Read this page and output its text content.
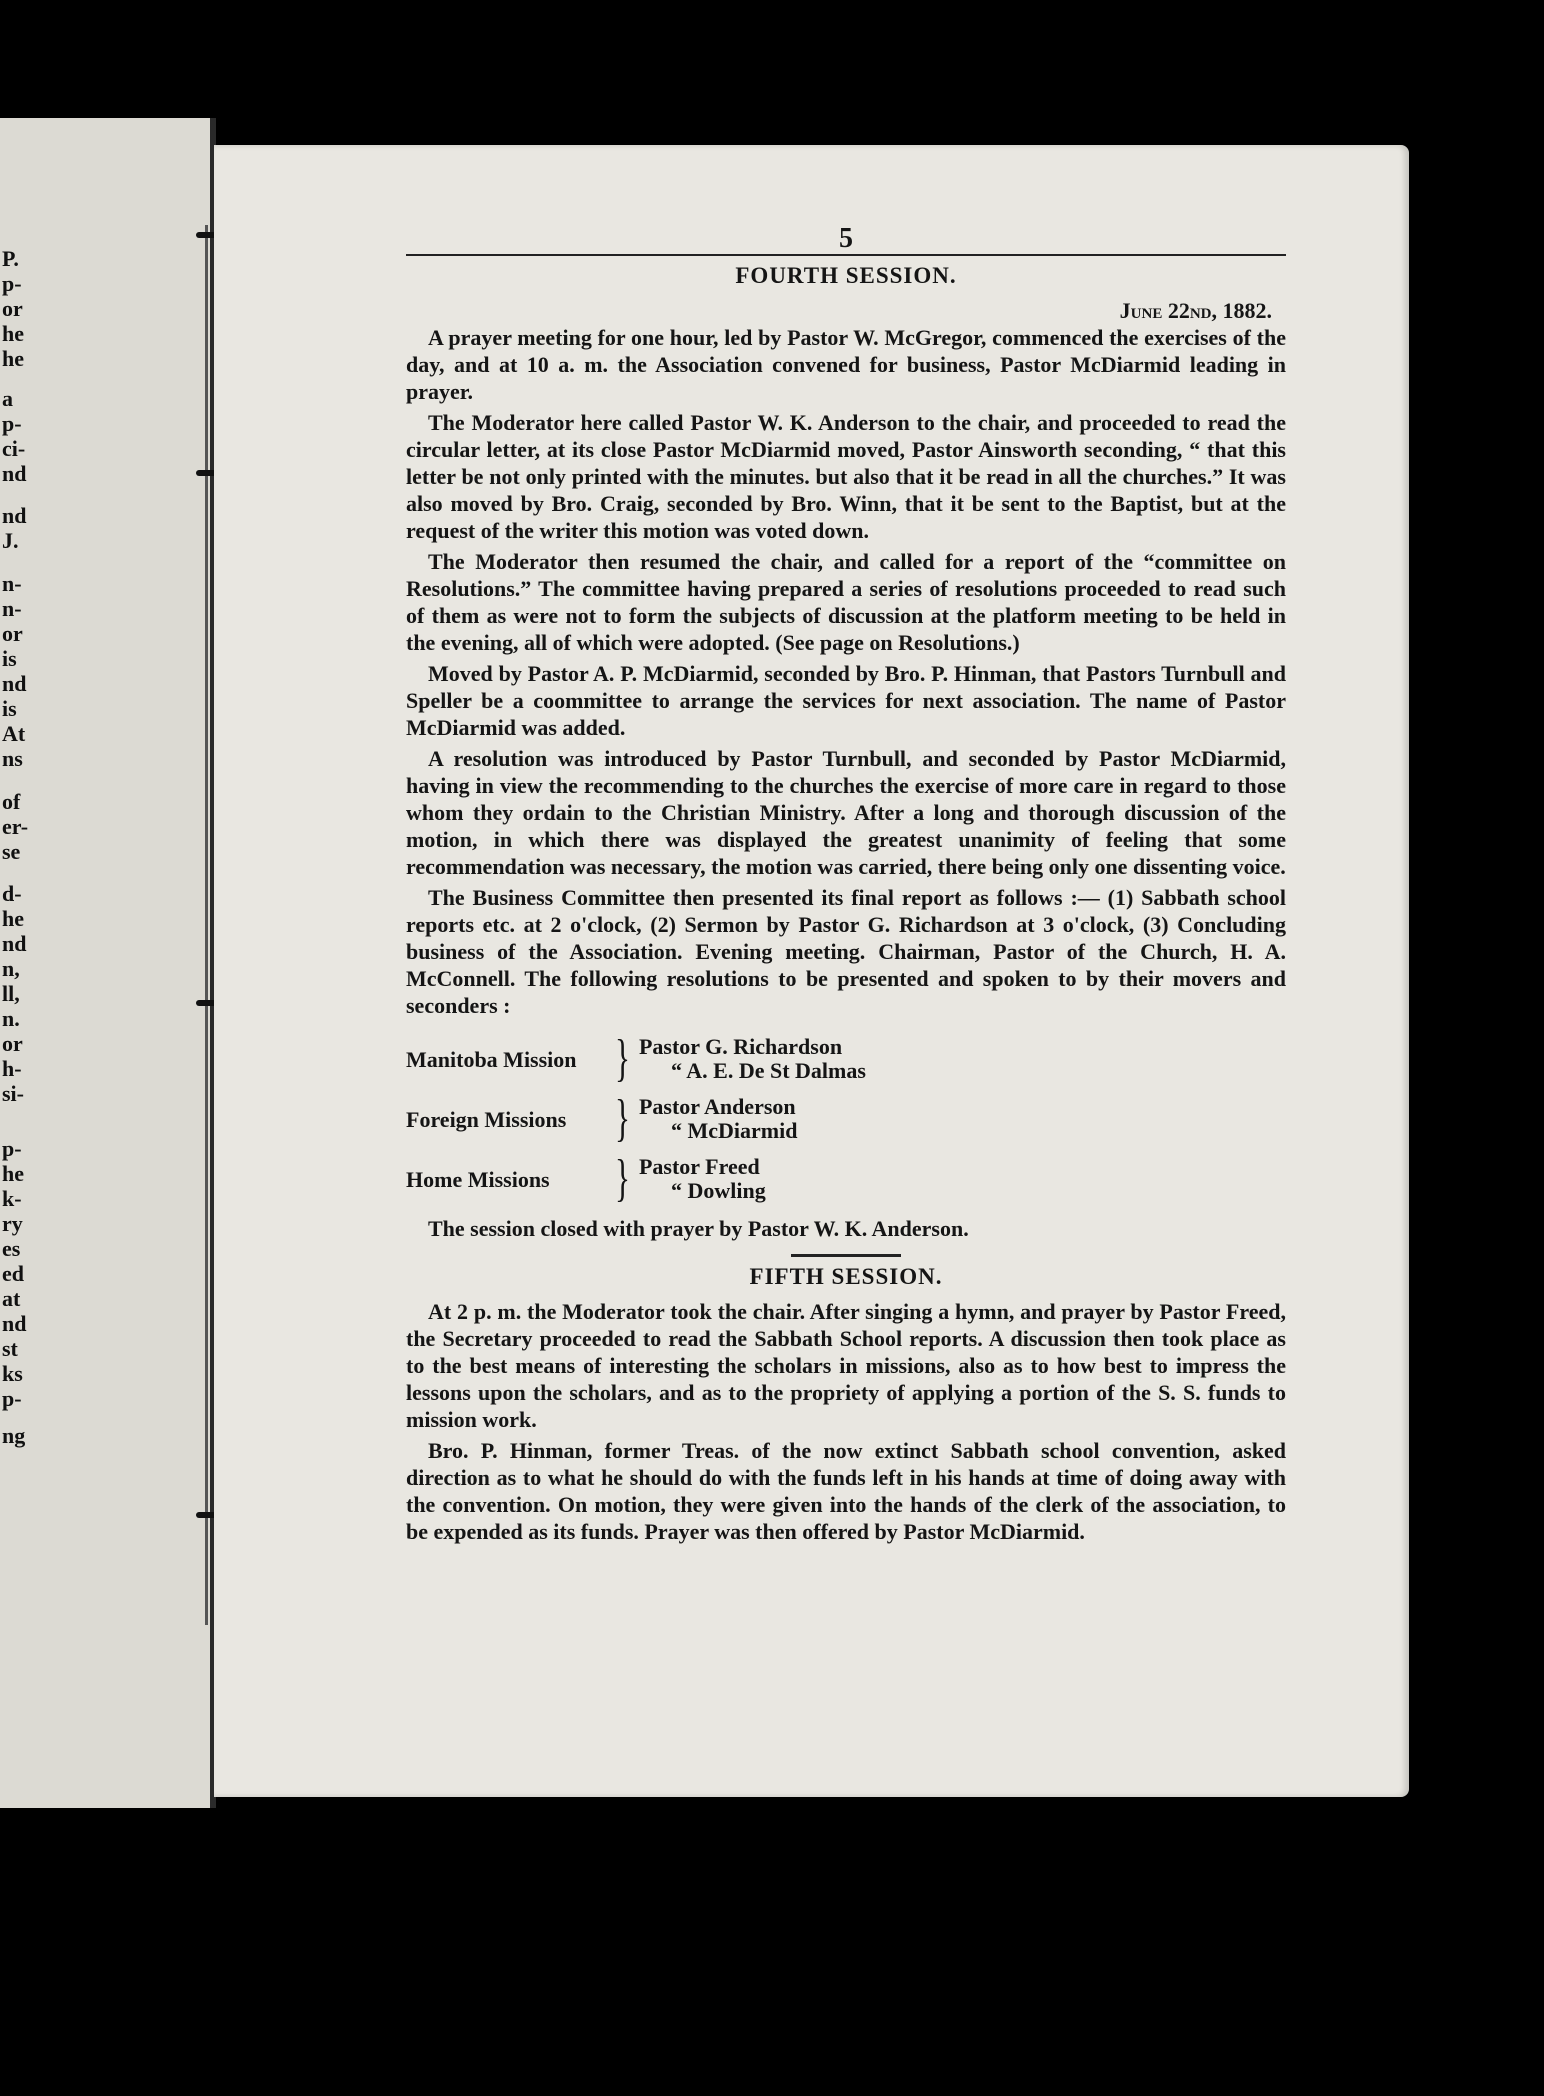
P.
p-
or
he
he
a
p-
ci-
nd
nd
J.
n-
n-
or
is
nd
is
At
ns
of
er-
se
d-
he
nd
n,
ll,
n.
or
h-
si-
p-
he
k-
ry
es
ed
at
nd
st
ks
p-
ng
5
FOURTH SESSION.
June 22nd, 1882.

A prayer meeting for one hour, led by Pastor W. McGregor, commenced the exercises of the day, and at 10 a. m. the Association convened for business, Pastor McDiarmid leading in prayer.

The Moderator here called Pastor W. K. Anderson to the chair, and proceeded to read the circular letter, at its close Pastor McDiarmid moved, Pastor Ainsworth seconding, “ that this letter be not only printed with the minutes. but also that it be read in all the churches.” It was also moved by Bro. Craig, seconded by Bro. Winn, that it be sent to the Baptist, but at the request of the writer this motion was voted down.

The Moderator then resumed the chair, and called for a report of the “committee on Resolutions.” The committee having prepared a series of resolutions proceeded to read such of them as were not to form the subjects of discussion at the platform meeting to be held in the evening, all of which were adopted. (See page on Resolutions.)

Moved by Pastor A. P. McDiarmid, seconded by Bro. P. Hinman, that Pastors Turnbull and Speller be a coommittee to arrange the services for next association. The name of Pastor McDiarmid was added.

A resolution was introduced by Pastor Turnbull, and seconded by Pastor McDiarmid, having in view the recommending to the churches the exercise of more care in regard to those whom they ordain to the Christian Ministry. After a long and thorough discussion of the motion, in which there was displayed the greatest unanimity of feeling that some recommendation was necessary, the motion was carried, there being only one dissenting voice.

The Business Committee then presented its final report as follows :— (1) Sabbath school reports etc. at 2 o'clock, (2) Sermon by Pastor G. Richardson at 3 o'clock, (3) Concluding business of the Association. Evening meeting. Chairman, Pastor of the Church, H. A. McConnell. The following resolutions to be presented and spoken to by their movers and seconders :

Manitoba Mission } Pastor G. Richardson
“ A. E. De St Dalmas
Foreign Missions } Pastor Anderson
“ McDiarmid
Home Missions	} Pastor Freed
“ Dowling

The session closed with prayer by Pastor W. K. Anderson.

FIFTH SESSION.

At 2 p. m. the Moderator took the chair. After singing a hymn, and prayer by Pastor Freed, the Secretary proceeded to read the Sabbath School reports. A discussion then took place as to the best means of interesting the scholars in missions, also as to how best to impress the lessons upon the scholars, and as to the propriety of applying a portion of the S. S. funds to mission work.

Bro. P. Hinman, former Treas. of the now extinct Sabbath school convention, asked direction as to what he should do with the funds left in his hands at time of doing away with the convention. On motion, they were given into the hands of the clerk of the association, to be expended as its funds. Prayer was then offered by Pastor McDiarmid.
